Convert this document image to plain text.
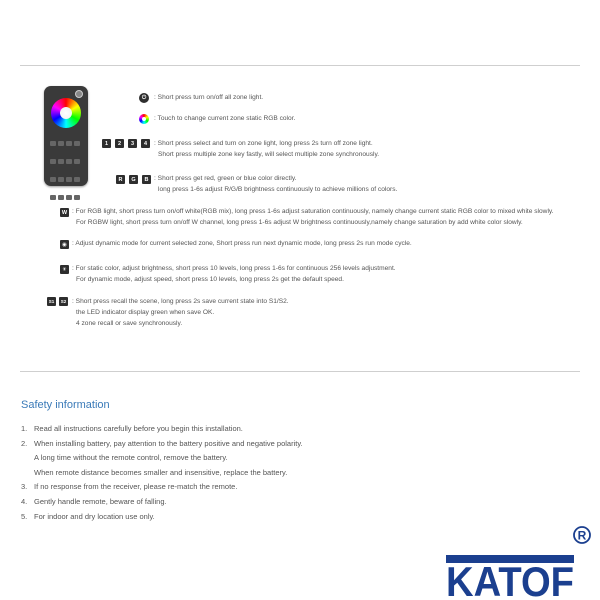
⏻	: Short press turn on/off all zone light.
: Touch to change current zone static RGB color.
1	2	3	4	: Short press select and turn on zone light, long press 2s turn off zone light.
Short press multiple zone key fastly, will select multiple zone synchronously.
R	G	B : Short press get red, green or blue color directly.
long press 1-6s adjust R/G/B brightness continuously to achieve millions of colors.
W : For RGB light, short press turn on/off white(RGB mix), long press 1-6s adjust saturation continuously, namely change current static RGB color to mixed white slowly.
For RGBW light, short press turn on/off W channel, long press 1-6s adjust W brightness continuously,namely change saturation by add white color slowly.
◉ : Adjust dynamic mode for current selected zone, Short press run next dynamic mode, long press 2s run mode cycle.
☀ : For static color, adjust brightness, short press 10 levels, long press 1-6s for continuous 256 levels adjustment.
For dynamic mode, adjust speed, short press 10 levels, long press 2s get the default speed.
S1	S2 : Short press recall the scene, long press 2s save current state into S1/S2.
the LED indicator display green when save OK.
4 zone recall or save synchronously.
Safety information
1. Read all instructions carefully before you begin this installation.
2. When installing battery, pay attention to the battery positive and negative polarity.
A long time without the remote control, remove the battery.
When remote distance becomes smaller and insensitive, replace the battery.
3. If no response from the receiver, please re-match the remote.
4. Gently handle remote, beware of falling.
5. For indoor and dry location use only.
KATOF
R
